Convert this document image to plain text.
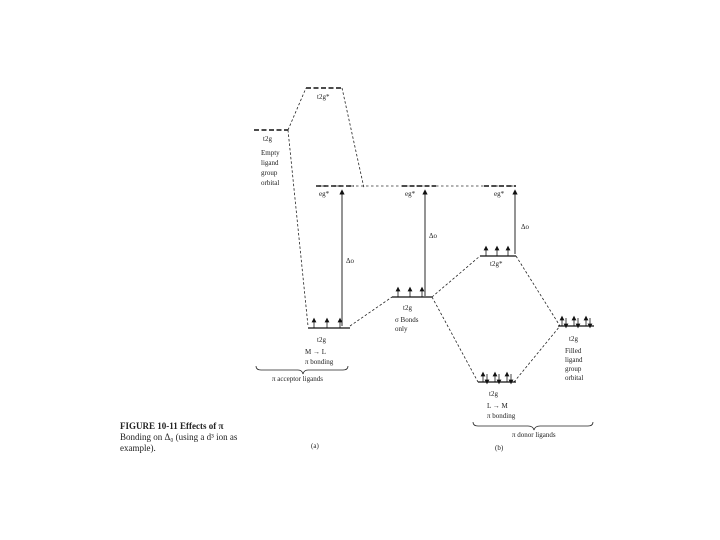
t2g
Empty
ligand
group
orbital
t2g*
eg*
Δo
t2g
M → L
π bonding
π acceptor ligands
(a)
eg*
Δo
t2g
σ Bonds
only
eg*
Δo
t2g*
t2g
L → M
π bonding
t2g
Filled
ligand
group
orbital
π donor ligands
(b)
FIGURE 10-11 Effects of π
Bonding on Δ₀ (using a d³ ion as
example).
